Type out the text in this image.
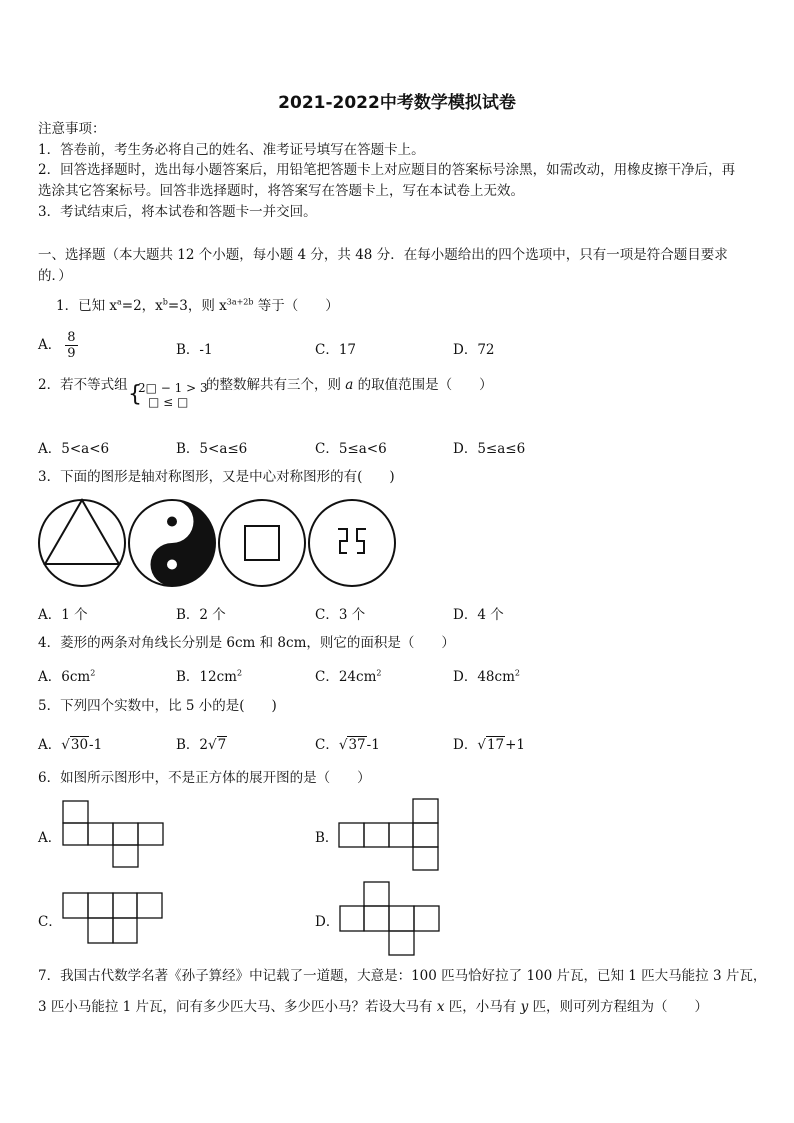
2021-2022中考数学模拟试卷
注意事项：
1．答卷前，考生务必将自己的姓名、准考证号填写在答题卡上。
2．回答选择题时，选出每小题答案后，用铅笔把答题卡上对应题目的答案标号涂黑，如需改动，用橡皮擦干净后，再
选涂其它答案标号。回答非选择题时，将答案写在答题卡上，写在本试卷上无效。
3．考试结束后，将本试卷和答题卡一并交回。
一、选择题（本大题共 12 个小题，每小题 4 分，共 48 分．在每小题给出的四个选项中，只有一项是符合题目要求
的．）
1．已知 $x^a=2$，$x^b=3$，则 $x^{3a+2b}$ 等于（　　）
A． $\frac{8}{9}$	B．-1	C．17	D．72
2．若不等式组 {
2□ − 1 > 3
□ ≤ □
的整数解共有三个，则 a 的取值范围是（　　）
A．5<a<6	B．5<a≤6	C．5≤a<6	D．5≤a≤6
3．下面的图形是轴对称图形，又是中心对称图形的有(　　)
A．1 个	B．2 个	C．3 个	D．4 个
4．菱形的两条对角线长分别是 6cm 和 8cm，则它的面积是（　　）
A．$6cm^2$	B．$12cm^2$	C．$24cm^2$	D．$48cm^2$
5．下列四个实数中，比 5 小的是(　　)
A．√30-1	B．2√7	C．√37-1	D．√17+1
6．如图所示图形中，不是正方体的展开图的是（　　）
A．	B．
C．	D．
7．我国古代数学名著《孙子算经》中记载了一道题，大意是：100 匹马恰好拉了 100 片瓦，已知 1 匹大马能拉 3 片瓦，
3 匹小马能拉 1 片瓦，问有多少匹大马、多少匹小马？若设大马有 x 匹，小马有 y 匹，则可列方程组为（　　）
